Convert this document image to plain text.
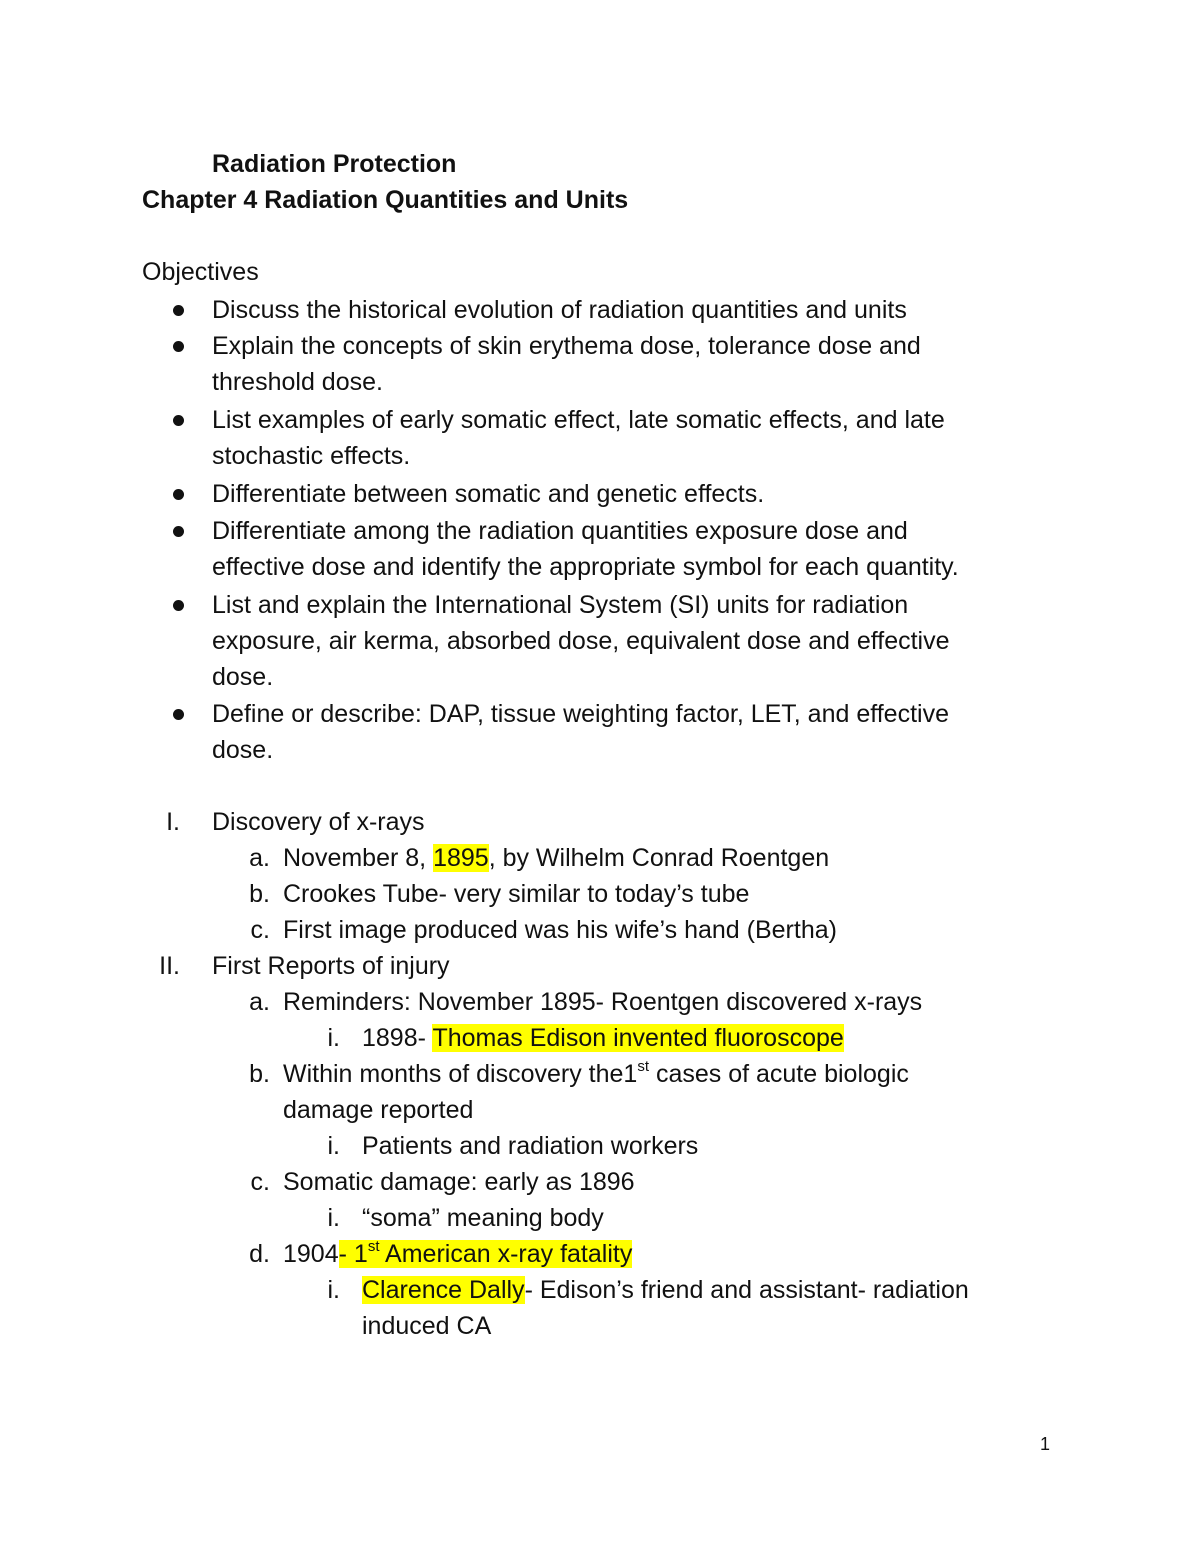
Radiation Protection
Chapter 4 Radiation Quantities and Units
Objectives
Discuss the historical evolution of radiation quantities and units
Explain the concepts of skin erythema dose, tolerance dose and
threshold dose.
List examples of early somatic effect, late somatic effects, and late
stochastic effects.
Differentiate between somatic and genetic effects.
Differentiate among the radiation quantities exposure dose and
effective dose and identify the appropriate symbol for each quantity.
List and explain the International System (SI) units for radiation
exposure, air kerma, absorbed dose, equivalent dose and effective
dose.
Define or describe: DAP, tissue weighting factor, LET, and effective
dose.
I. Discovery of x-rays
a. November 8, 1895, by Wilhelm Conrad Roentgen
b. Crookes Tube- very similar to today’s tube
c. First image produced was his wife’s hand (Bertha)
II. First Reports of injury
a. Reminders: November 1895- Roentgen discovered x-rays
i. 1898- Thomas Edison invented fluoroscope
b. Within months of discovery the1st cases of acute biologic
damage reported
i. Patients and radiation workers
c. Somatic damage: early as 1896
i. “soma” meaning body
d. 1904- 1st American x-ray fatality
i. Clarence Dally- Edison’s friend and assistant- radiation
induced CA
1
